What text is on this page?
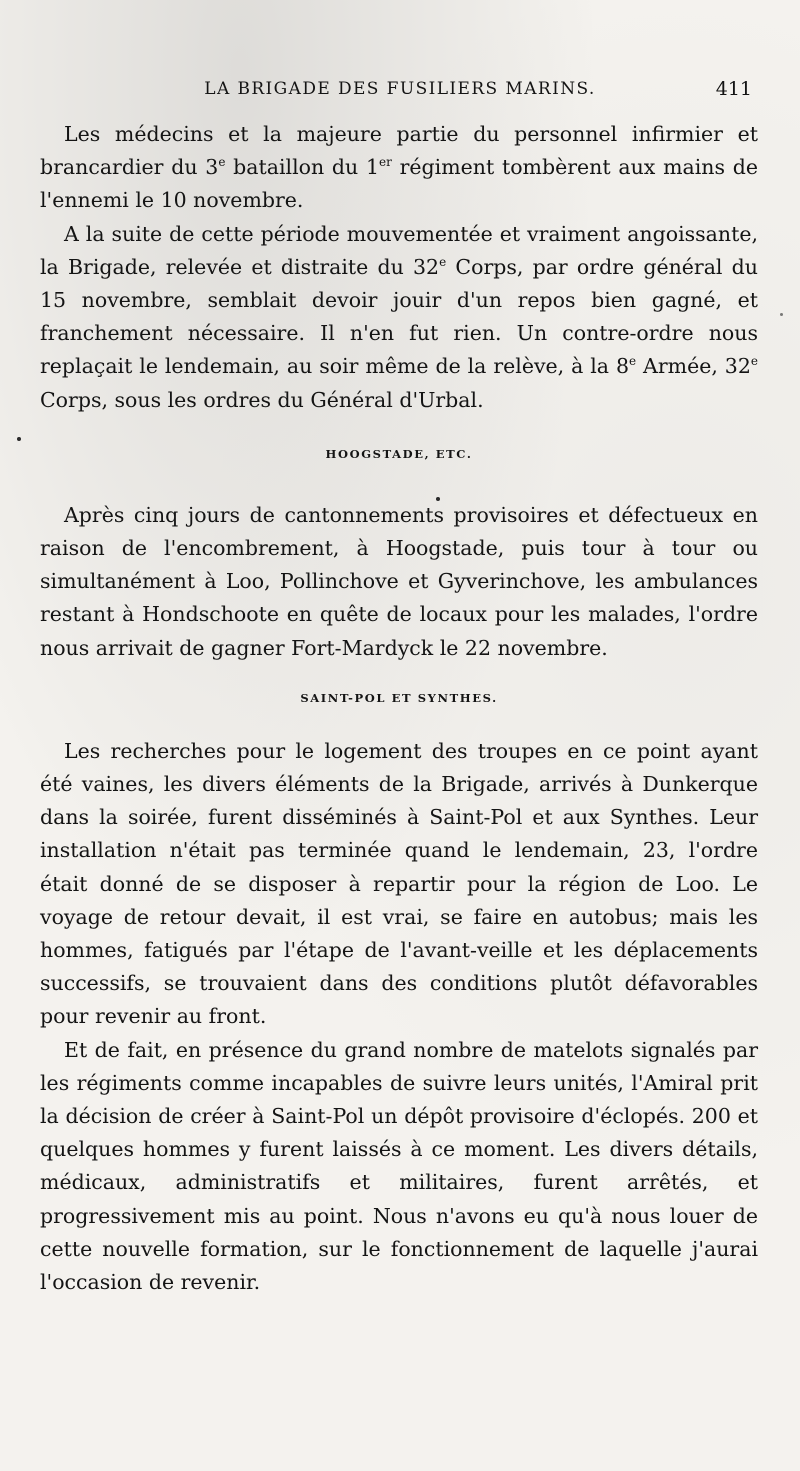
LA BRIGADE DES FUSILIERS MARINS.	411

Les médecins et la majeure partie du personnel infirmier et brancardier du 3e bataillon du 1er régiment tombèrent aux mains de l'ennemi le 10 novembre.

A la suite de cette période mouvementée et vraiment angoissante, la Brigade, relevée et distraite du 32e Corps, par ordre général du 15 novembre, semblait devoir jouir d'un repos bien gagné, et franchement nécessaire. Il n'en fut rien. Un contre-ordre nous replaçait le lendemain, au soir même de la relève, à la 8e Armée, 32e Corps, sous les ordres du Général d'Urbal.

HOOGSTADE, ETC.

Après cinq jours de cantonnements provisoires et défectueux en raison de l'encombrement, à Hoogstade, puis tour à tour ou simultanément à Loo, Pollinchove et Gyverinchove, les ambulances restant à Hondschoote en quête de locaux pour les malades, l'ordre nous arrivait de gagner Fort-Mardyck le 22 novembre.

SAINT-POL ET SYNTHES.

Les recherches pour le logement des troupes en ce point ayant été vaines, les divers éléments de la Brigade, arrivés à Dunkerque dans la soirée, furent disséminés à Saint-Pol et aux Synthes. Leur installation n'était pas terminée quand le lendemain, 23, l'ordre était donné de se disposer à repartir pour la région de Loo. Le voyage de retour devait, il est vrai, se faire en autobus; mais les hommes, fatigués par l'étape de l'avant-veille et les déplacements successifs, se trouvaient dans des conditions plutôt défavorables pour revenir au front.

Et de fait, en présence du grand nombre de matelots signalés par les régiments comme incapables de suivre leurs unités, l'Amiral prit la décision de créer à Saint-Pol un dépôt provisoire d'éclopés. 200 et quelques hommes y furent laissés à ce moment. Les divers détails, médicaux, administratifs et militaires, furent arrêtés, et progressivement mis au point. Nous n'avons eu qu'à nous louer de cette nouvelle formation, sur le fonctionnement de laquelle j'aurai l'occasion de revenir.
